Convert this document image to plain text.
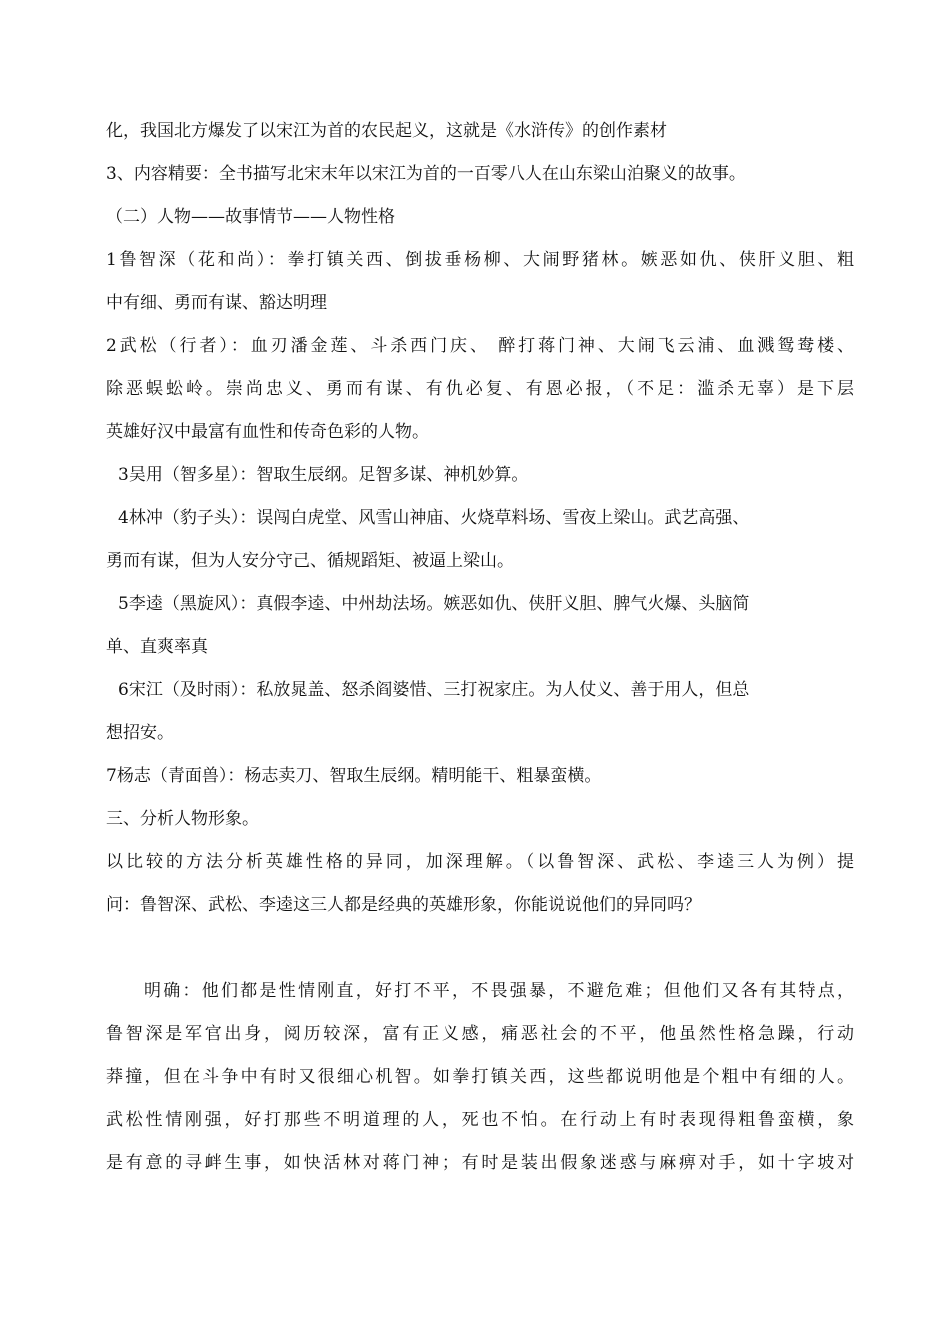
化，我国北方爆发了以宋江为首的农民起义，这就是《水浒传》的创作素材
3、内容精要：全书描写北宋末年以宋江为首的一百零八人在山东梁山泊聚义的故事。
（二）人物——故事情节——人物性格
1鲁智深（花和尚）：拳打镇关西、倒拔垂杨柳、大闹野猪林。嫉恶如仇、侠肝义胆、粗
中有细、勇而有谋、豁达明理
2武松（行者）：血刃潘金莲、斗杀西门庆、 醉打蒋门神、大闹飞云浦、血溅鸳鸯楼、
除恶蜈蚣岭。崇尚忠义、勇而有谋、有仇必复、有恩必报，（不足：滥杀无辜）是下层
英雄好汉中最富有血性和传奇色彩的人物。
3吴用（智多星）：智取生辰纲。足智多谋、神机妙算。
4林冲（豹子头）：误闯白虎堂、风雪山神庙、火烧草料场、雪夜上梁山。武艺高强、
勇而有谋，但为人安分守己、循规蹈矩、被逼上梁山。
5李逵（黑旋风）：真假李逵、中州劫法场。嫉恶如仇、侠肝义胆、脾气火爆、头脑简
单、直爽率真
6宋江（及时雨）：私放晁盖、怒杀阎婆惜、三打祝家庄。为人仗义、善于用人，但总
想招安。
7杨志（青面兽）：杨志卖刀、智取生辰纲。精明能干、粗暴蛮横。
三、分析人物形象。
以比较的方法分析英雄性格的异同，加深理解。（以鲁智深、武松、李逵三人为例）提
问：鲁智深、武松、李逵这三人都是经典的英雄形象，你能说说他们的异同吗？
明确：他们都是性情刚直，好打不平，不畏强暴，不避危难；但他们又各有其特点，
鲁智深是军官出身，阅历较深，富有正义感，痛恶社会的不平，他虽然性格急躁，行动
莽撞，但在斗争中有时又很细心机智。如拳打镇关西，这些都说明他是个粗中有细的人。
武松性情刚强，好打那些不明道理的人，死也不怕。在行动上有时表现得粗鲁蛮横，象
是有意的寻衅生事，如快活林对蒋门神；有时是装出假象迷惑与麻痹对手，如十字坡对
